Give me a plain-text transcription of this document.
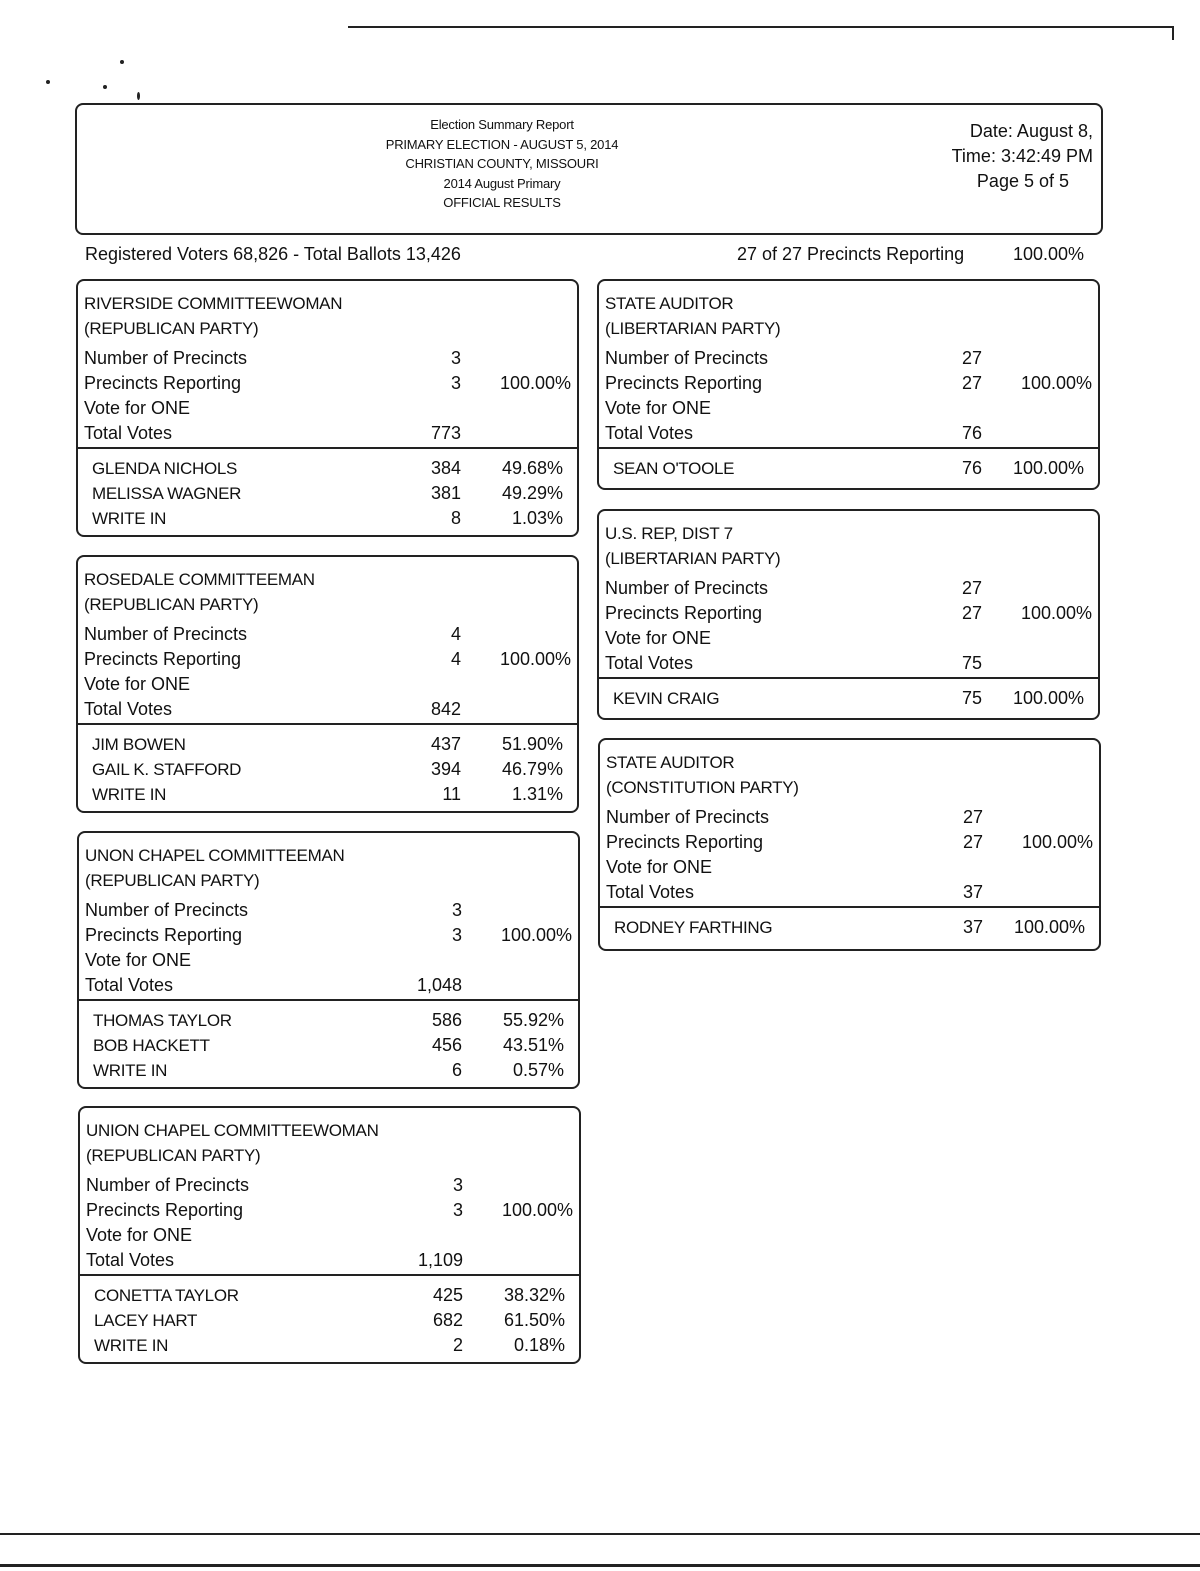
Election Summary Report
PRIMARY ELECTION - AUGUST 5, 2014
CHRISTIAN COUNTY, MISSOURI
2014 August Primary
OFFICIAL RESULTS
Date: August 8,
Time: 3:42:49 PM
Page 5 of 5
Registered Voters 68,826 - Total Ballots 13,426	27 of 27 Precincts Reporting	100.00%
RIVERSIDE COMMITTEEWOMAN
(REPUBLICAN PARTY)
Number of Precincts	3
Precincts Reporting	3	100.00%
Vote for ONE
Total Votes	773
GLENDA NICHOLS	384	49.68%
MELISSA WAGNER	381	49.29%
WRITE IN	8	1.03%
ROSEDALE COMMITTEEMAN
(REPUBLICAN PARTY)
Number of Precincts	4
Precincts Reporting	4	100.00%
Vote for ONE
Total Votes	842
JIM BOWEN	437	51.90%
GAIL K. STAFFORD	394	46.79%
WRITE IN	11	1.31%
UNON CHAPEL COMMITTEEMAN
(REPUBLICAN PARTY)
Number of Precincts	3
Precincts Reporting	3	100.00%
Vote for ONE
Total Votes	1,048
THOMAS TAYLOR	586	55.92%
BOB HACKETT	456	43.51%
WRITE IN	6	0.57%
UNION CHAPEL COMMITTEEWOMAN
(REPUBLICAN PARTY)
Number of Precincts	3
Precincts Reporting	3	100.00%
Vote for ONE
Total Votes	1,109
CONETTA TAYLOR	425	38.32%
LACEY HART	682	61.50%
WRITE IN	2	0.18%
STATE AUDITOR
(LIBERTARIAN PARTY)
Number of Precincts	27
Precincts Reporting	27	100.00%
Vote for ONE
Total Votes	76
SEAN O'TOOLE	76	100.00%
U.S. REP, DIST 7
(LIBERTARIAN PARTY)
Number of Precincts	27
Precincts Reporting	27	100.00%
Vote for ONE
Total Votes	75
KEVIN CRAIG	75	100.00%
STATE AUDITOR
(CONSTITUTION PARTY)
Number of Precincts	27
Precincts Reporting	27	100.00%
Vote for ONE
Total Votes	37
RODNEY FARTHING	37	100.00%
